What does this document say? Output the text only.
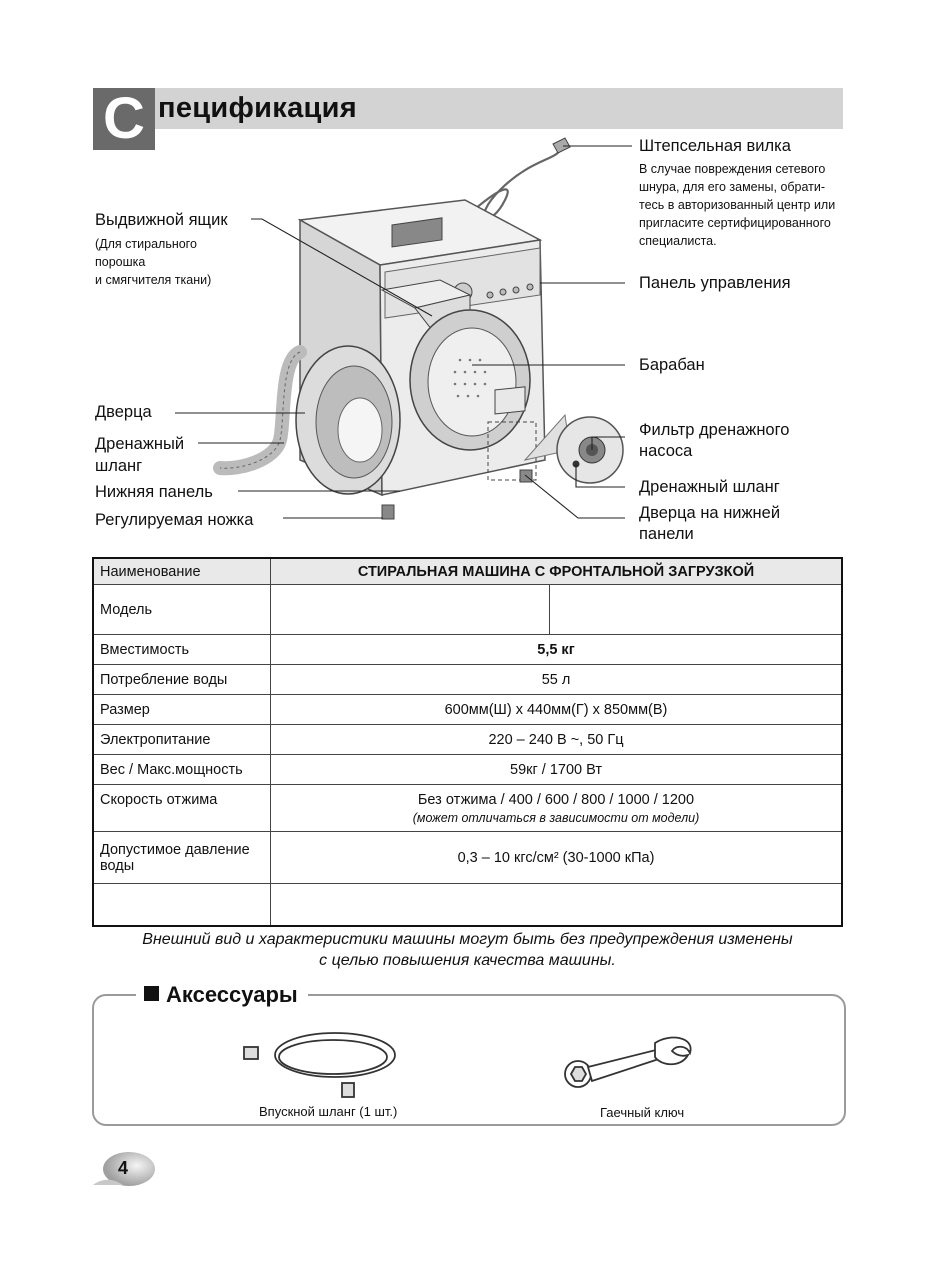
С пецификация
Штепсельная вилка
В случае повреждения сетевого
шнура, для его замены, обрати-
тесь в авторизованный центр или
пригласите сертифицированного
специалиста.
Выдвижной ящик
(Для стирального
порошка
и смягчителя ткани)	Панель управления
Барабан
Дверца
Дренажный
шланг
Нижняя панель
Регулируемая ножка
Фильтр дренажного
насоса
Дренажный шланг
Дверца на нижней
панели
Наименование	СТИРАЛЬНАЯ МАШИНА С ФРОНТАЛЬНОЙ ЗАГРУЗКОЙ	
Модель		
Вместимость	5,5 кг	
Потребление воды	55 л	
Размер	600мм(Ш) x 440мм(Г) x 850мм(В)	
Электропитание	220 – 240 В ~, 50 Гц	
Вес / Макс.мощность	59кг / 1700 Вт	
Скорость отжима	Без отжима / 400 / 600 / 800 / 1000 / 1200
(может отличаться в зависимости от модели)	

Допустимое давление
воды	0,3 – 10 кгс/см² (30-1000 кПа)	

Внешний вид и характеристики машины могут быть без предупреждения изменены
с целью повышения качества машины.
Аксессуары
Впускной шланг (1 шт.)	Гаечный ключ
4
